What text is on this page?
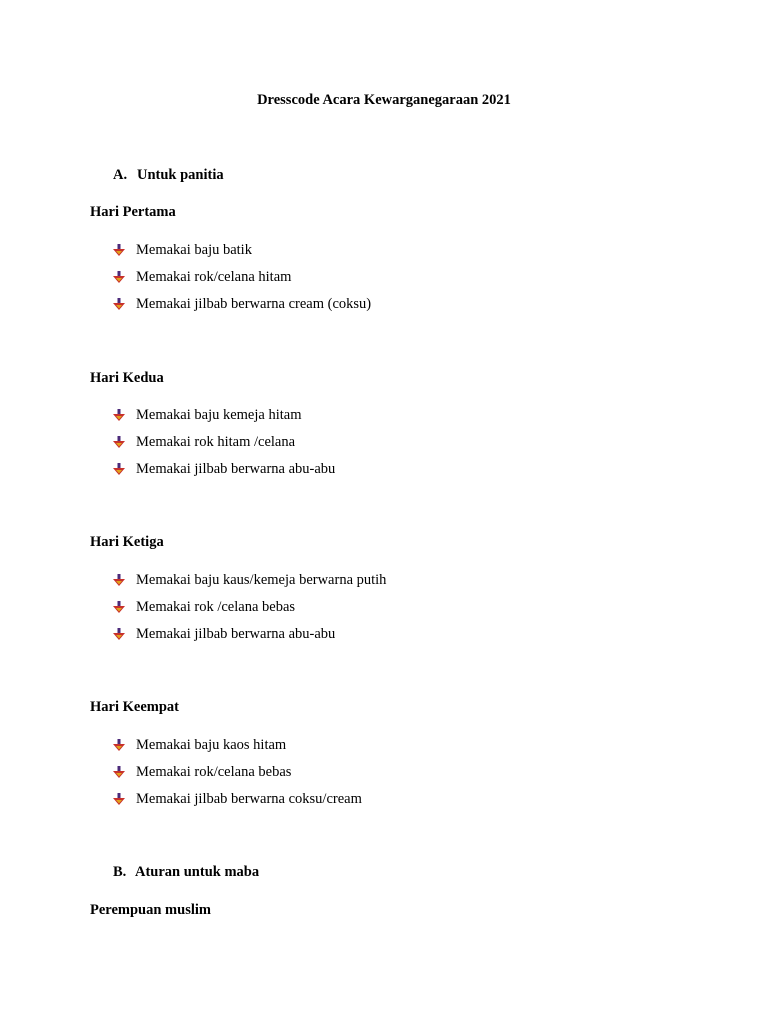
Dresscode Acara Kewarganegaraan 2021
A. Untuk panitia
Hari Pertama
Memakai baju batik
Memakai rok/celana hitam
Memakai jilbab berwarna cream (coksu)
Hari Kedua
Memakai baju kemeja hitam
Memakai rok hitam /celana
Memakai jilbab berwarna abu-abu
Hari Ketiga
Memakai baju kaus/kemeja berwarna putih
Memakai rok /celana bebas
Memakai jilbab berwarna abu-abu
Hari Keempat
Memakai baju kaos hitam
Memakai rok/celana bebas
Memakai jilbab berwarna coksu/cream
B. Aturan untuk maba
Perempuan muslim
